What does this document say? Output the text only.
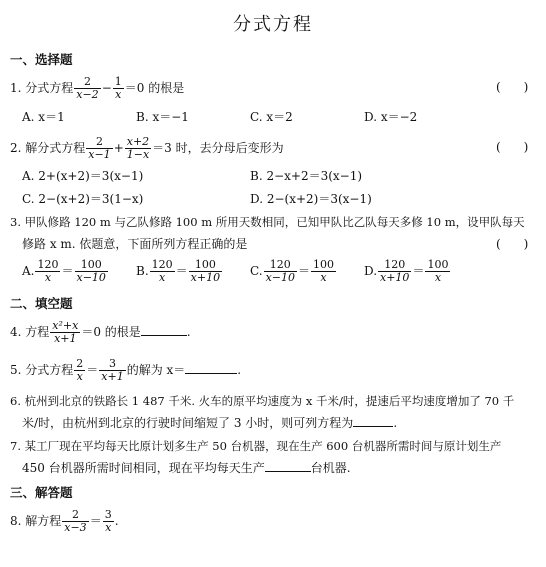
分式方程
一、选择题
1. 分式方程 $\frac{2}{x-2} - \frac{1}{x} =0$ 的根是	(      )
A. x＝1	B. x＝−1	C. x＝2	D. x＝−2
2. 解分式方程 $\frac{2}{x-1} + \frac{x+2}{1-x} =3$ 时，去分母后变形为	(      )
A. 2+(x+2)＝3(x−1)	B. 2−x+2＝3(x−1)
C. 2−(x+2)＝3(1−x)	D. 2−(x+2)＝3(x−1)
3. 甲队修路 120 m 与乙队修路 100 m 所用天数相同，已知甲队比乙队每天多修 10 m，设甲队每天
修路 x m. 依题意，下面所列方程正确的是	(      )
A. $\frac{120}{x} = \frac{100}{x-10} B$. $\frac{120}{x} = \frac{100}{x+10} C$. $\frac{120}{x-10} = \frac{100}{x} D$. $\frac{120}{x+10} = \frac{100}{x}$
二、填空题
4. 方程 $\frac{\text{x²+x}}{x+1} =0$ 的根是	.
5. 分式方程 $\frac{2}{x} = \frac{3}{x+1}$ 的解为 x＝	.
6. 杭州到北京的铁路长 1 487 千米. 火车的原平均速度为 x 千米/时，提速后平均速度增加了 70 千
米/时，由杭州到北京的行驶时间缩短了 3 小时，则可列方程为	.
7. 某工厂现在平均每天比原计划多生产 50 台机器，现在生产 600 台机器所需时间与原计划生产
450 台机器所需时间相同，现在平均每天生产	台机器.
三、解答题
8. 解方程 $\frac{2}{x-3} = \frac{3}{x}$ .
